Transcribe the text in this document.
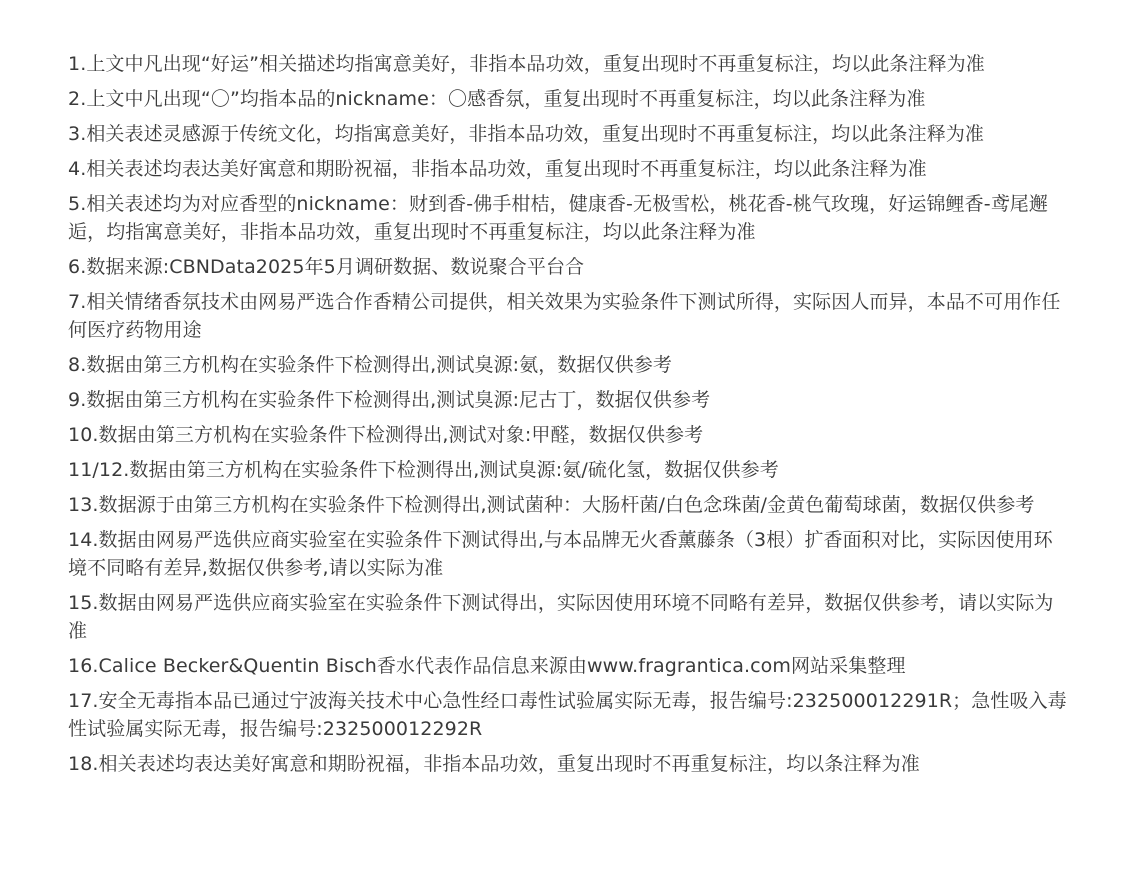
1.上文中凡出现“好运”相关描述均指寓意美好，非指本品功效，重复出现时不再重复标注，均以此条注释为准
2.上文中凡出现“〇”均指本品的nickname：〇感香氛，重复出现时不再重复标注，均以此条注释为准
3.相关表述灵感源于传统文化，均指寓意美好，非指本品功效，重复出现时不再重复标注，均以此条注释为准
4.相关表述均表达美好寓意和期盼祝福，非指本品功效，重复出现时不再重复标注，均以此条注释为准
5.相关表述均为对应香型的nickname：财到香-佛手柑桔，健康香-无极雪松，桃花香-桃气玫瑰，好运锦鲤香-鸢尾邂逅，均指寓意美好，非指本品功效，重复出现时不再重复标注，均以此条注释为准
6.数据来源:CBNData2025年5月调研数据、数说聚合平台合
7.相关情绪香氛技术由网易严选合作香精公司提供，相关效果为实验条件下测试所得，实际因人而异，本品不可用作任何医疗药物用途
8.数据由第三方机构在实验条件下检测得出,测试臭源:氨，数据仅供参考
9.数据由第三方机构在实验条件下检测得出,测试臭源:尼古丁，数据仅供参考
10.数据由第三方机构在实验条件下检测得出,测试对象:甲醛，数据仅供参考
11/12.数据由第三方机构在实验条件下检测得出,测试臭源:氨/硫化氢，数据仅供参考
13.数据源于由第三方机构在实验条件下检测得出,测试菌种：大肠杆菌/白色念珠菌/金黄色葡萄球菌，数据仅供参考
14.数据由网易严选供应商实验室在实验条件下测试得出,与本品牌无火香薰藤条（3根）扩香面积对比，实际因使用环境不同略有差异,数据仅供参考,请以实际为准
15.数据由网易严选供应商实验室在实验条件下测试得出，实际因使用环境不同略有差异，数据仅供参考，请以实际为准
16.Calice Becker&Quentin Bisch香水代表作品信息来源由www.fragrantica.com网站采集整理
17.安全无毒指本品已通过宁波海关技术中心急性经口毒性试验属实际无毒，报告编号:232500012291R；急性吸入毒性试验属实际无毒，报告编号:232500012292R
18.相关表述均表达美好寓意和期盼祝福，非指本品功效，重复出现时不再重复标注，均以条注释为准
